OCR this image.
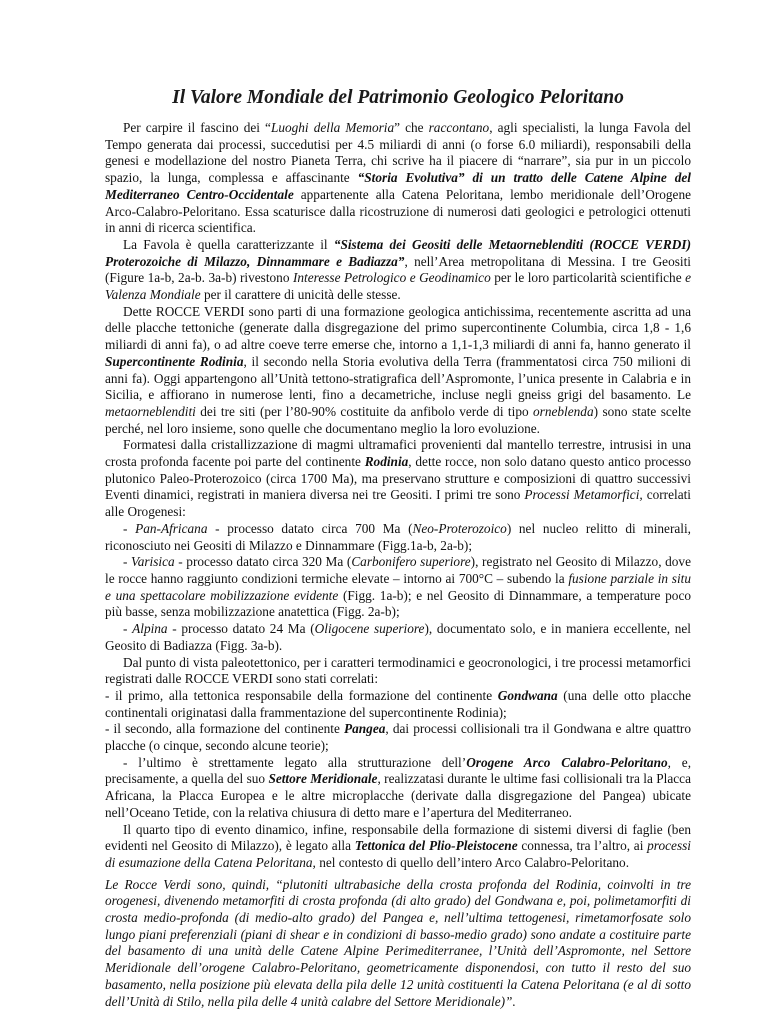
Il Valore Mondiale del Patrimonio Geologico Peloritano

Per carpire il fascino dei “Luoghi della Memoria” che raccontano, agli specialisti, la lunga Favola del Tempo generata dai processi, succedutisi per 4.5 miliardi di anni (o forse 6.0 miliardi), responsabili della genesi e modellazione del nostro Pianeta Terra, chi scrive ha il piacere di “narrare”, sia pur in un piccolo spazio, la lunga, complessa e affascinante “Storia Evolutiva” di un tratto delle Catene Alpine del Mediterraneo Centro-Occidentale appartenente alla Catena Peloritana, lembo meridionale dell’Orogene Arco-Calabro-Peloritano. Essa scaturisce dalla ricostruzione di numerosi dati geologici e petrologici ottenuti in anni di ricerca scientifica.

La Favola è quella caratterizzante il “Sistema dei Geositi delle Metaorneblenditi (ROCCE VERDI) Proterozoiche di Milazzo, Dinnammare e Badiazza”, nell’Area metropolitana di Messina. I tre Geositi (Figure 1a-b, 2a-b. 3a-b) rivestono Interesse Petrologico e Geodinamico per le loro particolarità scientifiche e Valenza Mondiale per il carattere di unicità delle stesse.

Dette ROCCE VERDI sono parti di una formazione geologica antichissima, recentemente ascritta ad una delle placche tettoniche (generate dalla disgregazione del primo supercontinente Columbia, circa 1,8 - 1,6 miliardi di anni fa), o ad altre coeve terre emerse che, intorno a 1,1-1,3 miliardi di anni fa, hanno generato il Supercontinente Rodinia, il secondo nella Storia evolutiva della Terra (frammentatosi circa 750 milioni di anni fa). Oggi appartengono all’Unità tettono-stratigrafica dell’Aspromonte, l’unica presente in Calabria e in Sicilia, e affiorano in numerose lenti, fino a decametriche, incluse negli gneiss grigi del basamento. Le metaorneblenditi dei tre siti (per l’80-90% costituite da anfibolo verde di tipo orneblenda) sono state scelte perché, nel loro insieme, sono quelle che documentano meglio la loro evoluzione.

Formatesi dalla cristallizzazione di magmi ultramafici provenienti dal mantello terrestre, intrusisi in una crosta profonda facente poi parte del continente Rodinia, dette rocce, non solo datano questo antico processo plutonico Paleo-Proterozoico (circa 1700 Ma), ma preservano strutture e composizioni di quattro successivi Eventi dinamici, registrati in maniera diversa nei tre Geositi. I primi tre sono Processi Metamorfici, correlati alle Orogenesi:

- Pan-Africana - processo datato circa 700 Ma (Neo-Proterozoico) nel nucleo relitto di minerali, riconosciuto nei Geositi di Milazzo e Dinnammare (Figg.1a-b, 2a-b);

- Varisica - processo datato circa 320 Ma (Carbonifero superiore), registrato nel Geosito di Milazzo, dove le rocce hanno raggiunto condizioni termiche elevate – intorno ai 700°C – subendo la fusione parziale in situ e una spettacolare mobilizzazione evidente (Figg. 1a-b); e nel Geosito di Dinnammare, a temperature poco più basse, senza mobilizzazione anatettica (Figg. 2a-b);

- Alpina - processo datato 24 Ma (Oligocene superiore), documentato solo, e in maniera eccellente, nel Geosito di Badiazza (Figg. 3a-b).

Dal punto di vista paleotettonico, per i caratteri termodinamici e geocronologici, i tre processi metamorfici registrati dalle ROCCE VERDI sono stati correlati:

- il primo, alla tettonica responsabile della formazione del continente Gondwana (una delle otto placche continentali originatasi dalla frammentazione del supercontinente Rodinia);

- il secondo, alla formazione del continente Pangea, dai processi collisionali tra il Gondwana e altre quattro placche (o cinque, secondo alcune teorie);

- l’ultimo è strettamente legato alla strutturazione dell’Orogene Arco Calabro-Peloritano, e, precisamente, a quella del suo Settore Meridionale, realizzatasi durante le ultime fasi collisionali tra la Placca Africana, la Placca Europea e le altre microplacche (derivate dalla disgregazione del Pangea) ubicate nell’Oceano Tetide, con la relativa chiusura di detto mare e l’apertura del Mediterraneo.

Il quarto tipo di evento dinamico, infine, responsabile della formazione di sistemi diversi di faglie (ben evidenti nel Geosito di Milazzo), è legato alla Tettonica del Plio-Pleistocene connessa, tra l’altro, ai processi di esumazione della Catena Peloritana, nel contesto di quello dell’intero Arco Calabro-Peloritano.

Le Rocce Verdi sono, quindi, “plutoniti ultrabasiche della crosta profonda del Rodinia, coinvolti in tre orogenesi, divenendo metamorfiti di crosta profonda (di alto grado) del Gondwana e, poi, polimetamorfiti di crosta medio-profonda (di medio-alto grado) del Pangea e, nell’ultima tettogenesi, rimetamorfosate solo lungo piani preferenziali (piani di shear e in condizioni di basso-medio grado) sono andate a costituire parte del basamento di una unità delle Catene Alpine Perimediterranee, l’Unità dell’Aspromonte, nel Settore Meridionale dell’orogene Calabro-Peloritano, geometricamente disponendosi, con tutto il resto del suo basamento, nella posizione più elevata della pila delle 12 unità costituenti la Catena Peloritana (e al di sotto dell’Unità di Stilo, nella pila delle 4 unità calabre del Settore Meridionale)”.
